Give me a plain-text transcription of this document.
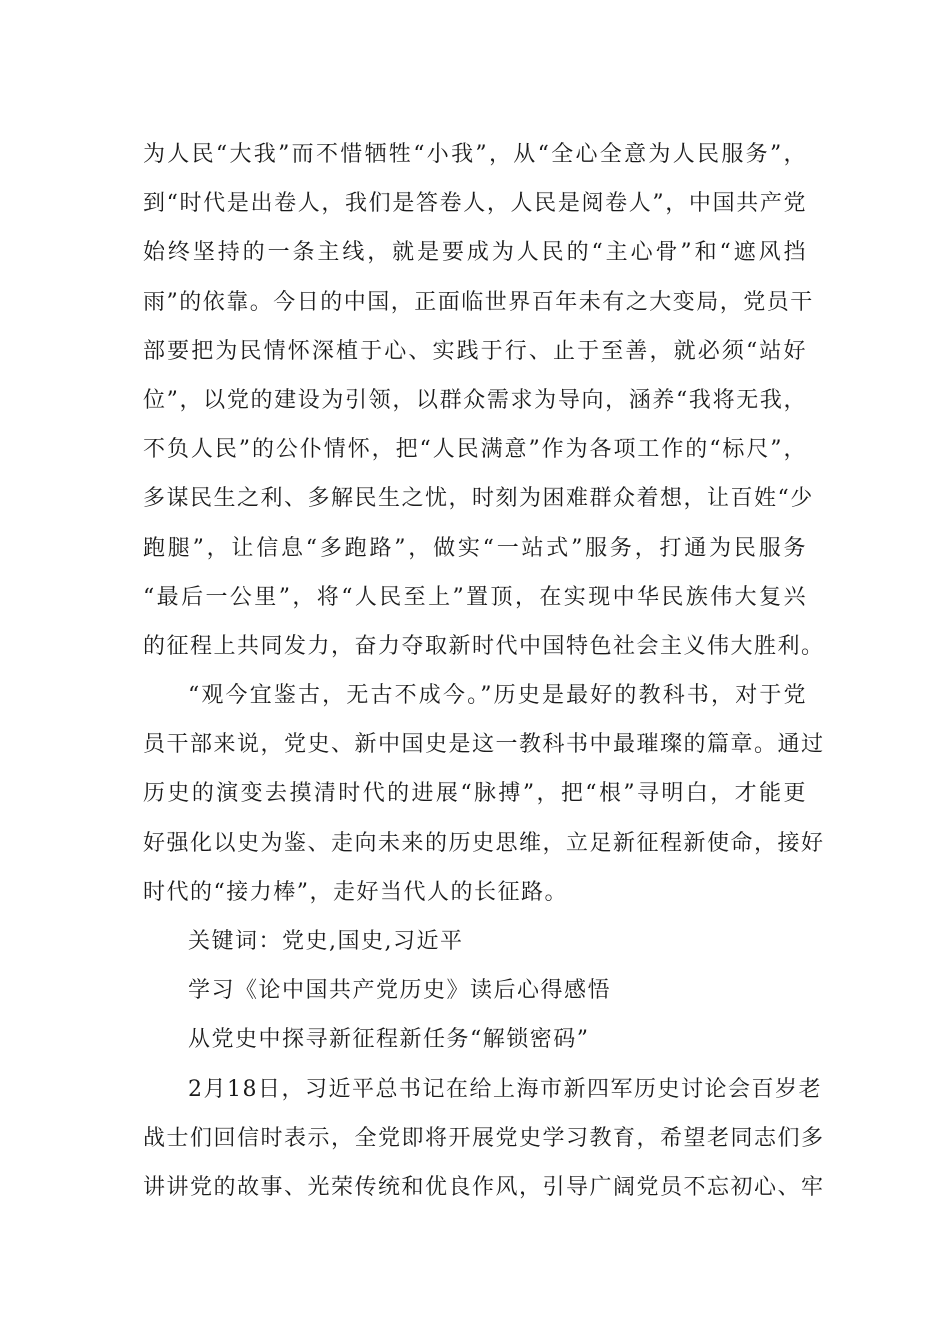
为人民“大我”而不惜牺牲“小我”，从“全心全意为人民服务”，
到“时代是出卷人，我们是答卷人，人民是阅卷人”，中国共产党
始终坚持的一条主线，就是要成为人民的“主心骨”和“遮风挡
雨”的依靠。今日的中国，正面临世界百年未有之大变局，党员干
部要把为民情怀深植于心、实践于行、止于至善，就必须“站好
位”，以党的建设为引领，以群众需求为导向，涵养“我将无我，
不负人民”的公仆情怀，把“人民满意”作为各项工作的“标尺”，
多谋民生之利、多解民生之忧，时刻为困难群众着想，让百姓“少
跑腿”，让信息“多跑路”，做实“一站式”服务，打通为民服务
“最后一公里”，将“人民至上”置顶，在实现中华民族伟大复兴
的征程上共同发力，奋力夺取新时代中国特色社会主义伟大胜利。
“观今宜鉴古，无古不成今。”历史是最好的教科书，对于党
员干部来说，党史、新中国史是这一教科书中最璀璨的篇章。通过
历史的演变去摸清时代的进展“脉搏”，把“根”寻明白，才能更
好强化以史为鉴、走向未来的历史思维，立足新征程新使命，接好
时代的“接力棒”，走好当代人的长征路。
关键词：党史,国史,习近平
学习《论中国共产党历史》读后心得感悟
从党史中探寻新征程新任务“解锁密码”
2月18日，习近平总书记在给上海市新四军历史讨论会百岁老
战士们回信时表示，全党即将开展党史学习教育，希望老同志们多
讲讲党的故事、光荣传统和优良作风，引导广阔党员不忘初心、牢
